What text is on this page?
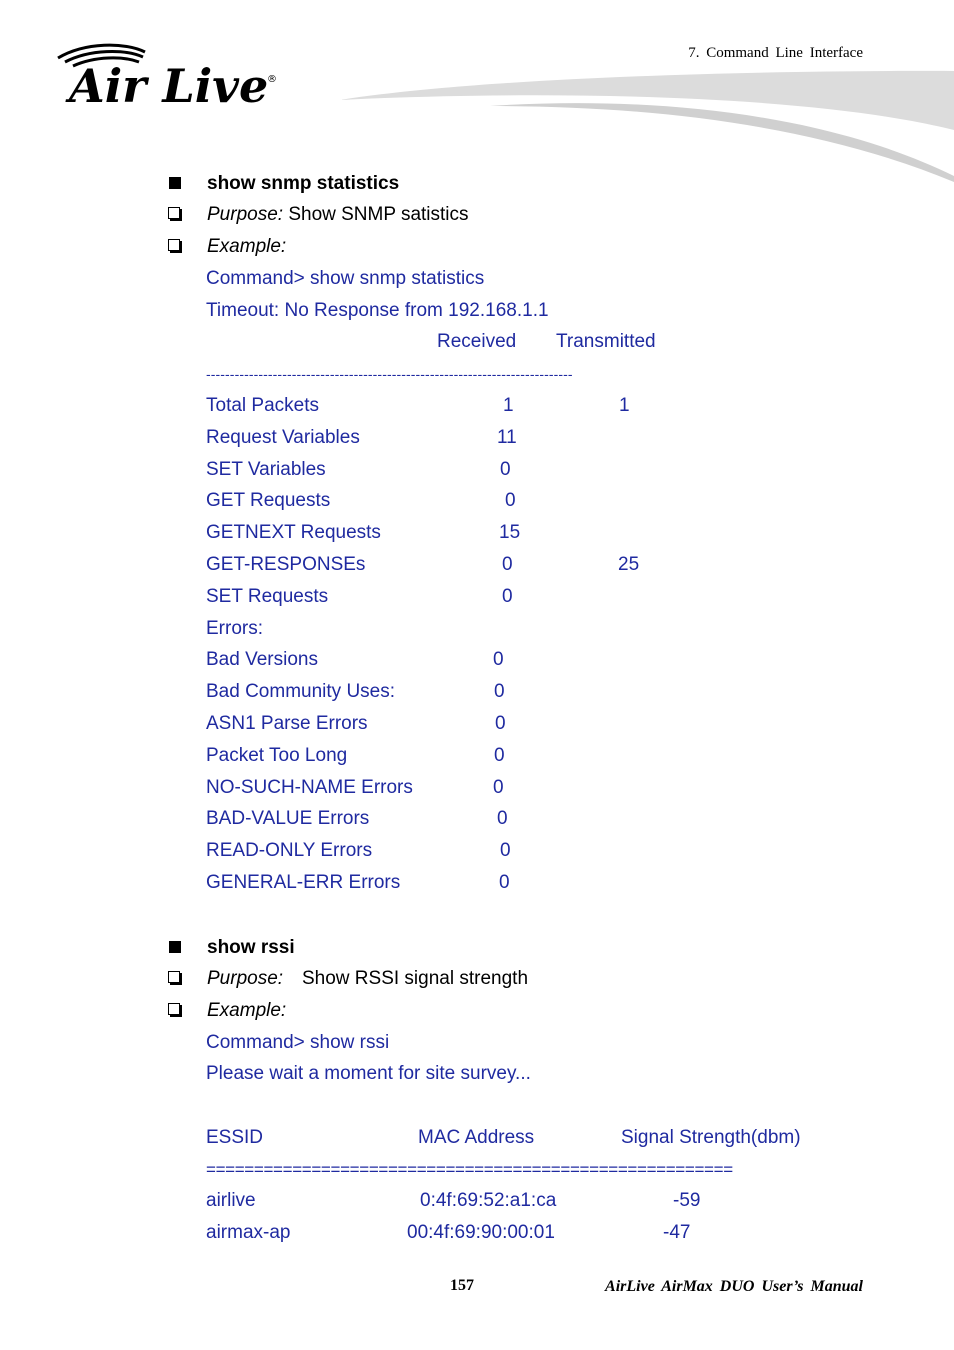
Air Live
®
7. Command Line Interface
show snmp statistics
Purpose: Show SNMP satistics
Example:
Command> show snmp statistics
Timeout: No Response from 192.168.1.1
Received Transmitted
-----------------------------------------------------------------------------
Total Packets	1	1
Request Variables	11
SET Variables	0
GET Requests	0
GETNEXT Requests	15
GET-RESPONSEs	0	25
SET Requests	0
Errors:
Bad Versions	0
Bad Community Uses:	0
ASN1 Parse Errors	0
Packet Too Long	0
NO-SUCH-NAME Errors	0
BAD-VALUE Errors	0
READ-ONLY Errors	0
GENERAL-ERR Errors	0
show rssi
Purpose: Show RSSI signal strength
Example:
Command> show rssi
Please wait a moment for site survey...
ESSID	MAC Address	Signal Strength(dbm)
=======================================================
airlive	0:4f:69:52:a1:ca	-59
airmax-ap	00:4f:69:90:00:01	-47
157	AirLive AirMax DUO User’s Manual
